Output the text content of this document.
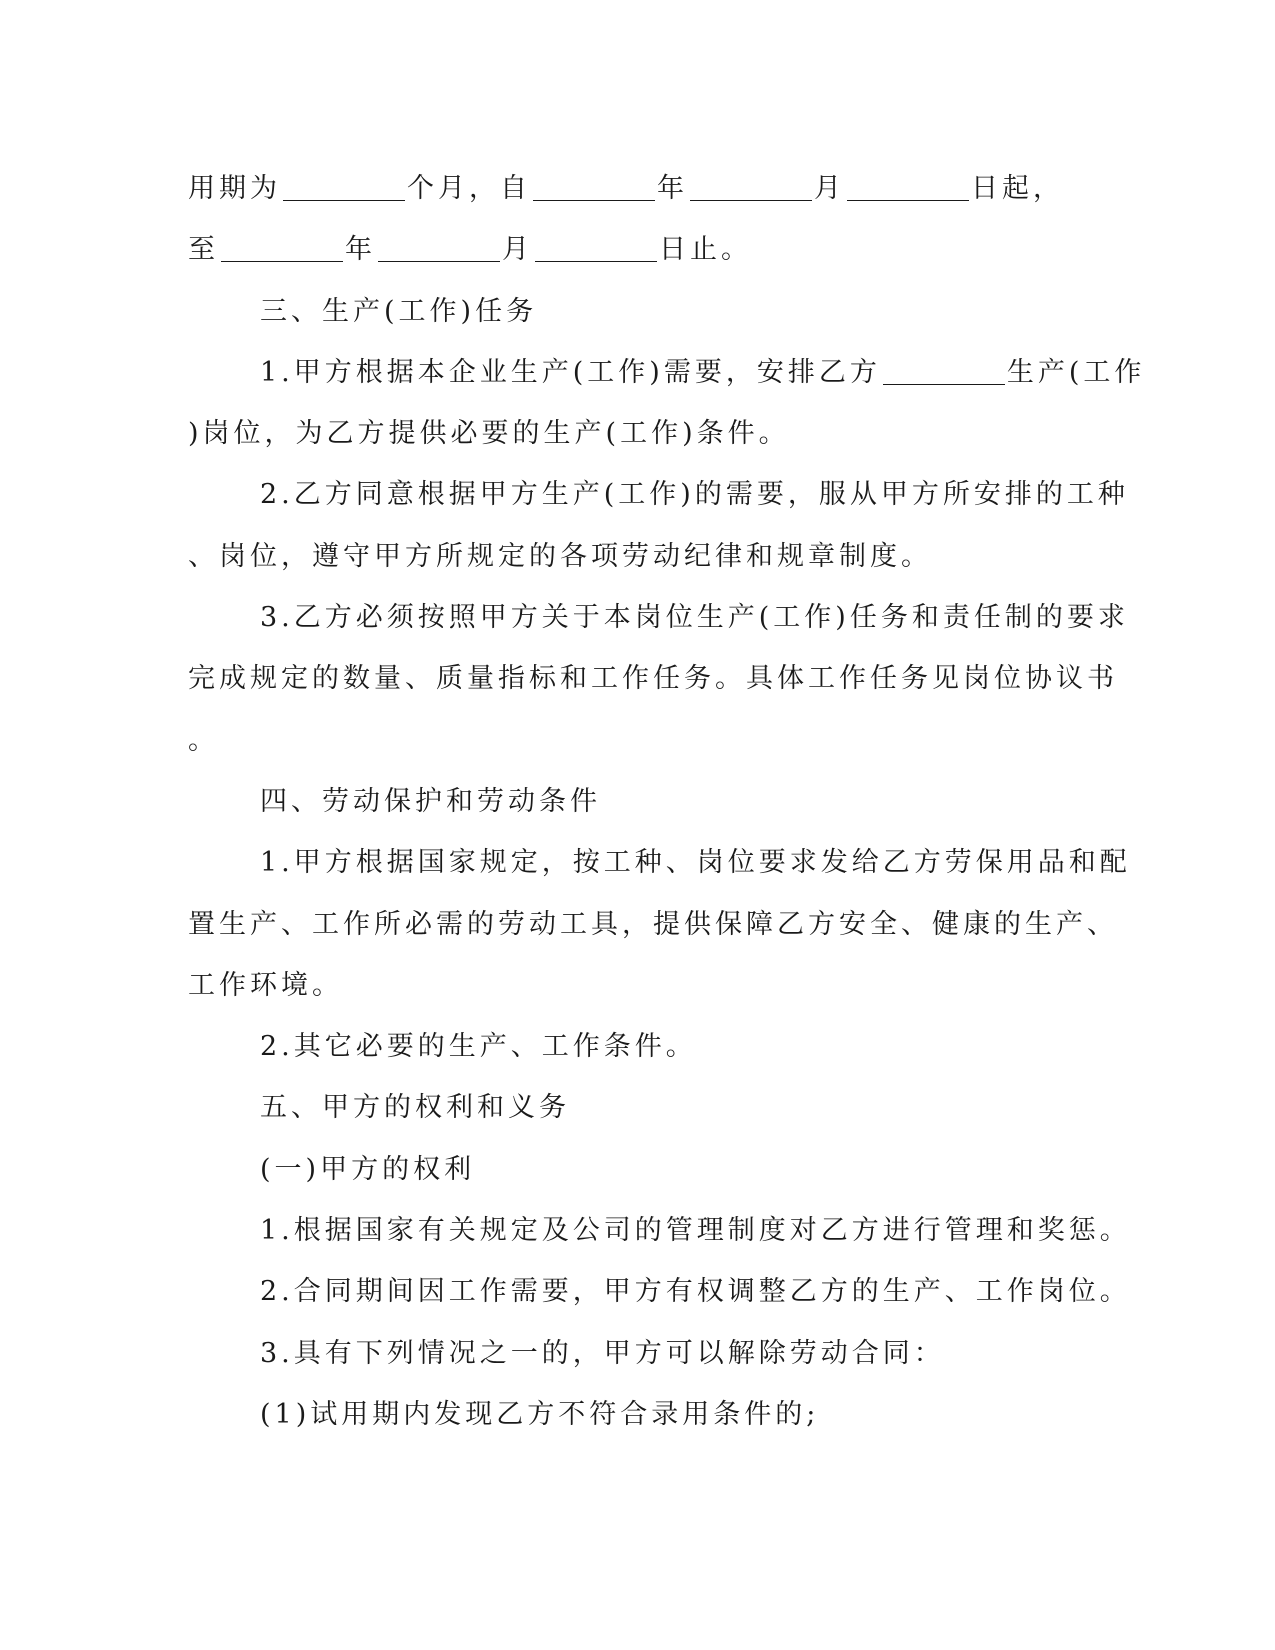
用期为	个月，自	年	月	日起，
至	年	月	日止。
三、生产(工作)任务
1.甲方根据本企业生产(工作)需要，安排乙方	生产(工作
)岗位，为乙方提供必要的生产(工作)条件。
2.乙方同意根据甲方生产(工作)的需要，服从甲方所安排的工种
、岗位，遵守甲方所规定的各项劳动纪律和规章制度。
3.乙方必须按照甲方关于本岗位生产(工作)任务和责任制的要求
完成规定的数量、质量指标和工作任务。具体工作任务见岗位协议书
。
四、劳动保护和劳动条件
1.甲方根据国家规定，按工种、岗位要求发给乙方劳保用品和配
置生产、工作所必需的劳动工具，提供保障乙方安全、健康的生产、
工作环境。
2.其它必要的生产、工作条件。
五、甲方的权利和义务
(一)甲方的权利
1.根据国家有关规定及公司的管理制度对乙方进行管理和奖惩。
2.合同期间因工作需要，甲方有权调整乙方的生产、工作岗位。
3.具有下列情况之一的，甲方可以解除劳动合同：
(1)试用期内发现乙方不符合录用条件的;
